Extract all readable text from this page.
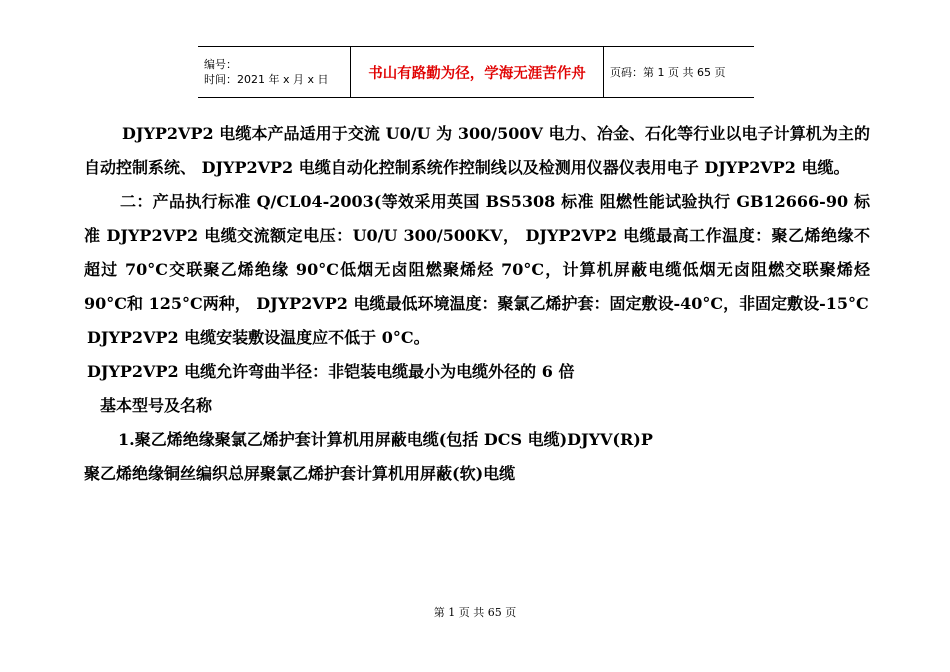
编号：
时间：2021 年 x 月 x 日	书山有路勤为径，学海无涯苦作舟 页码：第 1 页 共 65 页

DJYP2VP2 电缆本产品适用于交流 U0/U 为 300/500V 电力、冶金、石化等行业以电子计算机为主的自动控制系统、 DJYP2VP2 电缆自动化控制系统作控制线以及检测用仪器仪表用电子 DJYP2VP2 电缆。

二：产品执行标准 Q/CL04-2003(等效采用英国 BS5308 标准 阻燃性能试验执行 GB12666-90 标准 DJYP2VP2 电缆交流额定电压：U0/U 300/500KV， DJYP2VP2 电缆最高工作温度：聚乙烯绝缘不超过 70°C交联聚乙烯绝缘 90°C低烟无卤阻燃聚烯烃 70°C，计算机屏蔽电缆低烟无卤阻燃交联聚烯烃 90°C和 125°C两种， DJYP2VP2 电缆最低环境温度：聚氯乙烯护套：固定敷设-40°C，非固定敷设-15°C

DJYP2VP2 电缆安装敷设温度应不低于 0°C。

DJYP2VP2 电缆允许弯曲半径：非铠装电缆最小为电缆外径的 6 倍

基本型号及名称

1.聚乙烯绝缘聚氯乙烯护套计算机用屏蔽电缆(包括 DCS 电缆)DJYV(R)P

聚乙烯绝缘铜丝编织总屏聚氯乙烯护套计算机用屏蔽(软)电缆

第 1 页 共 65 页
